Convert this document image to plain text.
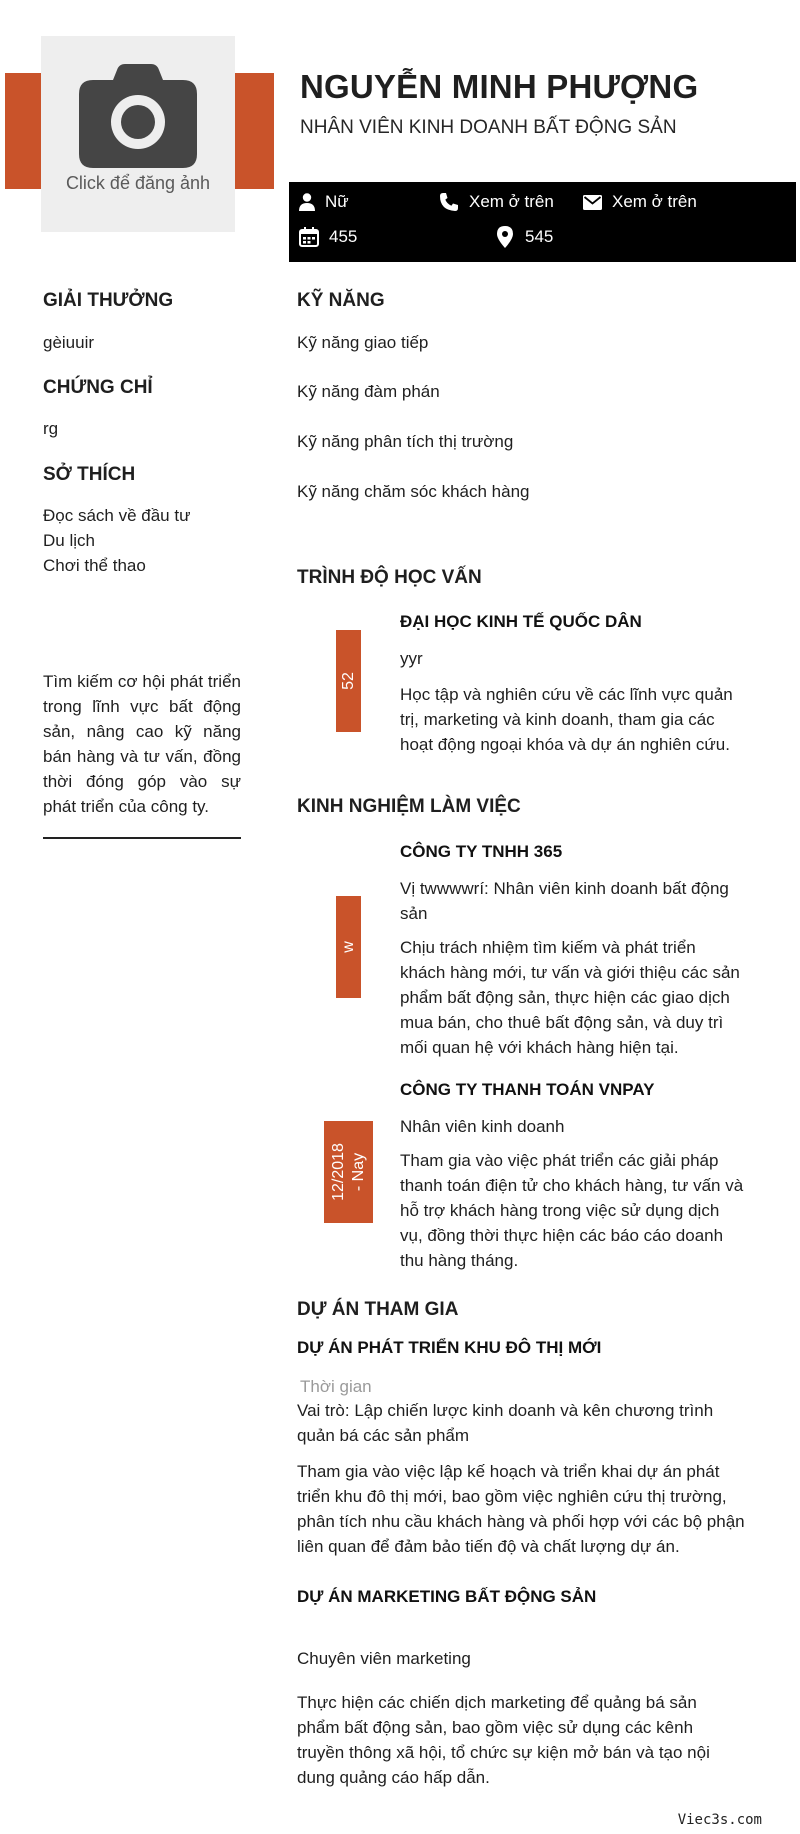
Click để đăng ảnh
NGUYỄN MINH PHƯỢNG
NHÂN VIÊN KINH DOANH BẤT ĐỘNG SẢN
Nữ	Xem ở trên	Xem ở trên
455	545
GIẢI THƯỞNG
gèiuuir
CHỨNG CHỈ
rg
SỞ THÍCH
Đọc sách về đầu tư
Du lịch
Chơi thể thao
Tìm kiếm cơ hội phát triển trong lĩnh vực bất động sản, nâng cao kỹ năng bán hàng và tư vấn, đồng thời đóng góp vào sự phát triển của công ty.
KỸ NĂNG
Kỹ năng giao tiếp
Kỹ năng đàm phán
Kỹ năng phân tích thị trường
Kỹ năng chăm sóc khách hàng
TRÌNH ĐỘ HỌC VẤN
52
ĐẠI HỌC KINH TẾ QUỐC DÂN
yyr
Học tập và nghiên cứu về các lĩnh vực quản trị, marketing và kinh doanh, tham gia các hoạt động ngoại khóa và dự án nghiên cứu.
KINH NGHIỆM LÀM VIỆC
w
CÔNG TY TNHH 365
Vị twwwwrí: Nhân viên kinh doanh bất động sản
Chịu trách nhiệm tìm kiếm và phát triển khách hàng mới, tư vấn và giới thiệu các sản phẩm bất động sản, thực hiện các giao dịch mua bán, cho thuê bất động sản, và duy trì mối quan hệ với khách hàng hiện tại.
12/2018 - Nay
CÔNG TY THANH TOÁN VNPAY
Nhân viên kinh doanh
Tham gia vào việc phát triển các giải pháp thanh toán điện tử cho khách hàng, tư vấn và hỗ trợ khách hàng trong việc sử dụng dịch vụ, đồng thời thực hiện các báo cáo doanh thu hàng tháng.
DỰ ÁN THAM GIA
DỰ ÁN PHÁT TRIỂN KHU ĐÔ THỊ MỚI
Thời gian
Vai trò: Lập chiến lược kinh doanh và kên chương trình quản bá các sản phẩm
Tham gia vào việc lập kế hoạch và triển khai dự án phát triển khu đô thị mới, bao gồm việc nghiên cứu thị trường, phân tích nhu cầu khách hàng và phối hợp với các bộ phận liên quan để đảm bảo tiến độ và chất lượng dự án.
DỰ ÁN MARKETING BẤT ĐỘNG SẢN
Chuyên viên marketing
Thực hiện các chiến dịch marketing để quảng bá sản phẩm bất động sản, bao gồm việc sử dụng các kênh truyền thông xã hội, tổ chức sự kiện mở bán và tạo nội dung quảng cáo hấp dẫn.
Viec3s.com
